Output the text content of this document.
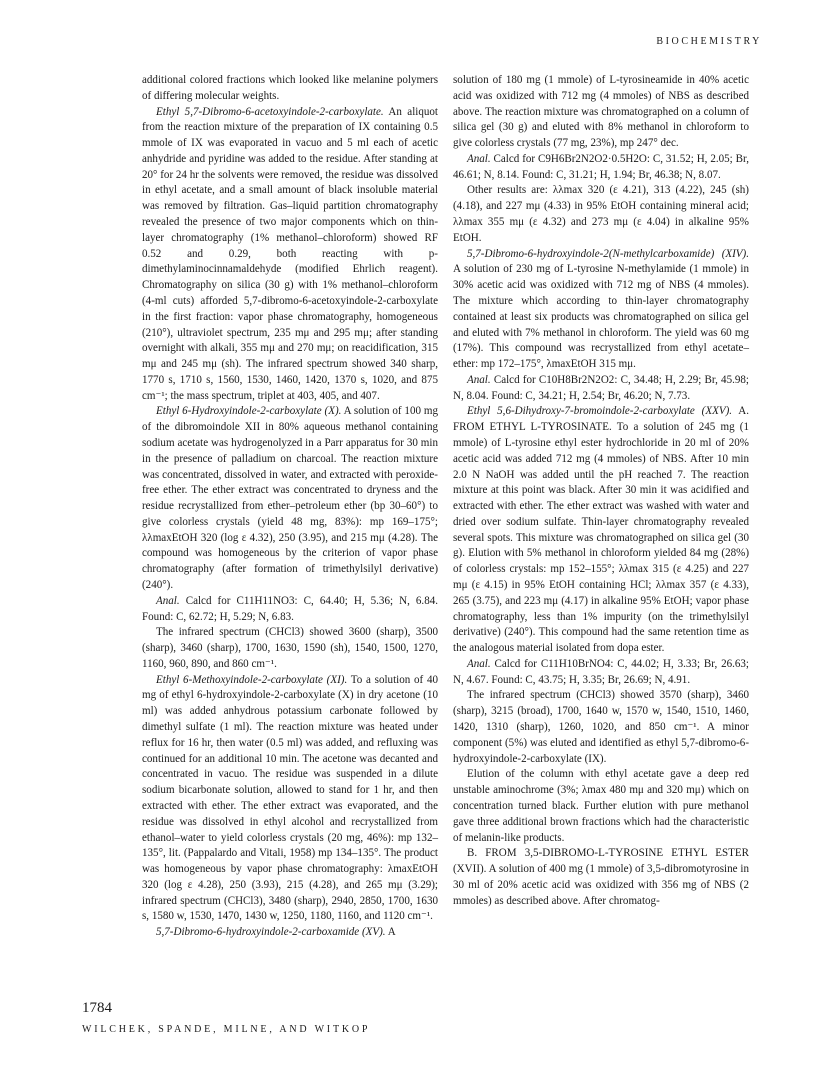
BIOCHEMISTRY

additional colored fractions which looked like melanine polymers of differing molecular weights.

Ethyl 5,7-Dibromo-6-acetoxyindole-2-carboxylate. An aliquot from the reaction mixture of the preparation of IX containing 0.5 mmole of IX was evaporated in vacuo and 5 ml each of acetic anhydride and pyridine was added to the residue. After standing at 20° for 24 hr the solvents were removed, the residue was dissolved in ethyl acetate, and a small amount of black insoluble material was removed by filtration. Gas–liquid partition chromatography revealed the presence of two major components which on thin-layer chromatography (1% methanol–chloroform) showed RF 0.52 and 0.29, both reacting with p-dimethylaminocinnamaldehyde (modified Ehrlich reagent). Chromatography on silica (30 g) with 1% methanol–chloroform (4-ml cuts) afforded 5,7-dibromo-6-acetoxyindole-2-carboxylate in the first fraction: vapor phase chromatography, homogeneous (210°), ultraviolet spectrum, 235 mμ and 295 mμ; after standing overnight with alkali, 355 mμ and 270 mμ; on reacidification, 315 mμ and 245 mμ (sh). The infrared spectrum showed 340 sharp, 1770 s, 1710 s, 1560, 1530, 1460, 1420, 1370 s, 1020, and 875 cm⁻¹; the mass spectrum, triplet at 403, 405, and 407.

Ethyl 6-Hydroxyindole-2-carboxylate (X). A solution of 100 mg of the dibromoindole XII in 80% aqueous methanol containing sodium acetate was hydrogenolyzed in a Parr apparatus for 30 min in the presence of palladium on charcoal. The reaction mixture was concentrated, dissolved in water, and extracted with peroxide-free ether. The ether extract was concentrated to dryness and the residue recrystallized from ether–petroleum ether (bp 30–60°) to give colorless crystals (yield 48 mg, 83%): mp 169–175°; λλmaxEtOH 320 (log ε 4.32), 250 (3.95), and 215 mμ (4.28). The compound was homogeneous by the criterion of vapor phase chromatography (after formation of trimethylsilyl derivative) (240°).

Anal. Calcd for C11H11NO3: C, 64.40; H, 5.36; N, 6.84. Found: C, 62.72; H, 5.29; N, 6.83.

The infrared spectrum (CHCl3) showed 3600 (sharp), 3500 (sharp), 3460 (sharp), 1700, 1630, 1590 (sh), 1540, 1500, 1270, 1160, 960, 890, and 860 cm⁻¹.

Ethyl 6-Methoxyindole-2-carboxylate (XI). To a solution of 40 mg of ethyl 6-hydroxyindole-2-carboxylate (X) in dry acetone (10 ml) was added anhydrous potassium carbonate followed by dimethyl sulfate (1 ml). The reaction mixture was heated under reflux for 16 hr, then water (0.5 ml) was added, and refluxing was continued for an additional 10 min. The acetone was decanted and concentrated in vacuo. The residue was suspended in a dilute sodium bicarbonate solution, allowed to stand for 1 hr, and then extracted with ether. The ether extract was evaporated, and the residue was dissolved in ethyl alcohol and recrystallized from ethanol–water to yield colorless crystals (20 mg, 46%): mp 132–135°, lit. (Pappalardo and Vitali, 1958) mp 134–135°. The product was homogeneous by vapor phase chromatography: λmaxEtOH 320 (log ε 4.28), 250 (3.93), 215 (4.28), and 265 mμ (3.29); infrared spectrum (CHCl3), 3480 (sharp), 2940, 2850, 1700, 1630 s, 1580 w, 1530, 1470, 1430 w, 1250, 1180, 1160, and 1120 cm⁻¹.

5,7-Dibromo-6-hydroxyindole-2-carboxamide (XV). A

solution of 180 mg (1 mmole) of L-tyrosineamide in 40% acetic acid was oxidized with 712 mg (4 mmoles) of NBS as described above. The reaction mixture was chromatographed on a column of silica gel (30 g) and eluted with 8% methanol in chloroform to give colorless crystals (77 mg, 23%), mp 247° dec.

Anal. Calcd for C9H6Br2N2O2·0.5H2O: C, 31.52; H, 2.05; Br, 46.61; N, 8.14. Found: C, 31.21; H, 1.94; Br, 46.38; N, 8.07.

Other results are: λλmax 320 (ε 4.21), 313 (4.22), 245 (sh) (4.18), and 227 mμ (4.33) in 95% EtOH containing mineral acid; λλmax 355 mμ (ε 4.32) and 273 mμ (ε 4.04) in alkaline 95% EtOH.

5,7-Dibromo-6-hydroxyindole-2(N-methylcarboxamide) (XIV). A solution of 230 mg of L-tyrosine N-methylamide (1 mmole) in 30% acetic acid was oxidized with 712 mg of NBS (4 mmoles). The mixture which according to thin-layer chromatography contained at least six products was chromatographed on silica gel and eluted with 7% methanol in chloroform. The yield was 60 mg (17%). This compound was recrystallized from ethyl acetate–ether: mp 172–175°, λmaxEtOH 315 mμ.

Anal. Calcd for C10H8Br2N2O2: C, 34.48; H, 2.29; Br, 45.98; N, 8.04. Found: C, 34.21; H, 2.54; Br, 46.20; N, 7.73.

Ethyl 5,6-Dihydroxy-7-bromoindole-2-carboxylate (XXV). A. FROM ETHYL L-TYROSINATE. To a solution of 245 mg (1 mmole) of L-tyrosine ethyl ester hydrochloride in 20 ml of 20% acetic acid was added 712 mg (4 mmoles) of NBS. After 10 min 2.0 N NaOH was added until the pH reached 7. The reaction mixture at this point was black. After 30 min it was acidified and extracted with ether. The ether extract was washed with water and dried over sodium sulfate. Thin-layer chromatography revealed several spots. This mixture was chromatographed on silica gel (30 g). Elution with 5% methanol in chloroform yielded 84 mg (28%) of colorless crystals: mp 152–155°; λλmax 315 (ε 4.25) and 227 mμ (ε 4.15) in 95% EtOH containing HCl; λλmax 357 (ε 4.33), 265 (3.75), and 223 mμ (4.17) in alkaline 95% EtOH; vapor phase chromatography, less than 1% impurity (on the trimethylsilyl derivative) (240°). This compound had the same retention time as the analogous material isolated from dopa ester.

Anal. Calcd for C11H10BrNO4: C, 44.02; H, 3.33; Br, 26.63; N, 4.67. Found: C, 43.75; H, 3.35; Br, 26.69; N, 4.91.

The infrared spectrum (CHCl3) showed 3570 (sharp), 3460 (sharp), 3215 (broad), 1700, 1640 w, 1570 w, 1540, 1510, 1460, 1420, 1310 (sharp), 1260, 1020, and 850 cm⁻¹. A minor component (5%) was eluted and identified as ethyl 5,7-dibromo-6-hydroxyindole-2-carboxylate (IX).

Elution of the column with ethyl acetate gave a deep red unstable aminochrome (3%; λmax 480 mμ and 320 mμ) which on concentration turned black. Further elution with pure methanol gave three additional brown fractions which had the characteristic of melanin-like products.

B. FROM 3,5-DIBROMO-L-TYROSINE ETHYL ESTER (XVII). A solution of 400 mg (1 mmole) of 3,5-dibromotyrosine in 30 ml of 20% acetic acid was oxidized with 356 mg of NBS (2 mmoles) as described above. After chromatog-

1784
WILCHEK, SPANDE, MILNE, AND WITKOP
